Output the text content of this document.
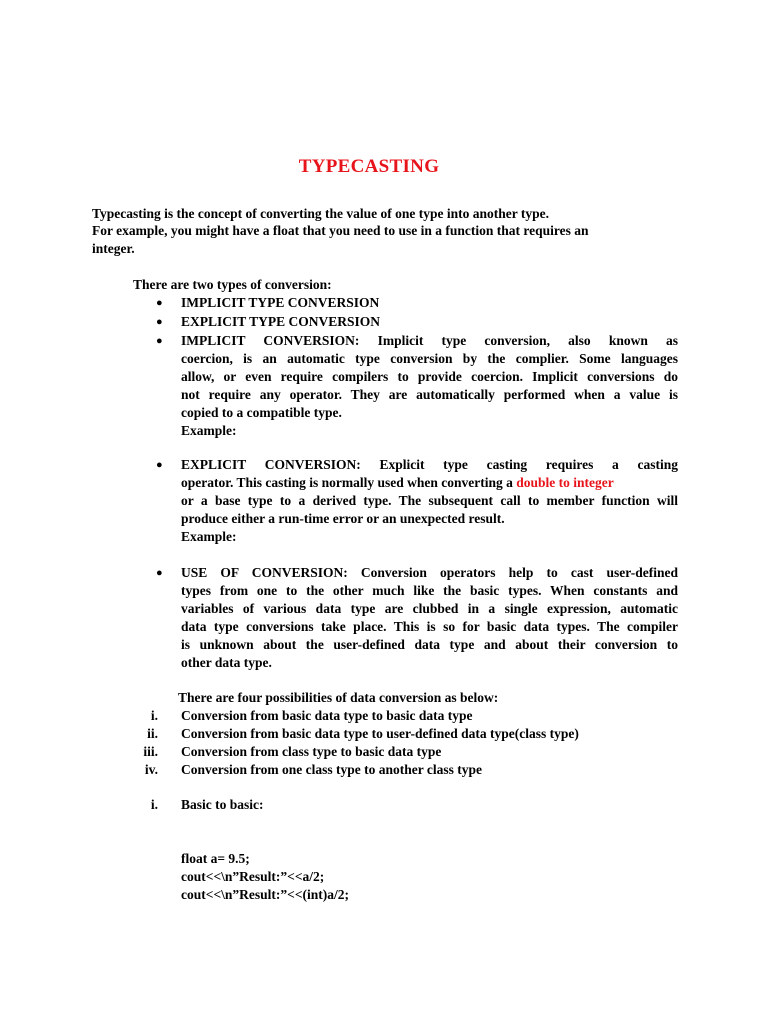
TYPECASTING
Typecasting is the concept of converting the value of one type into another type.
For example, you might have a float that you need to use in a function that requires an
integer.
There are two types of conversion:
● IMPLICIT TYPE CONVERSION
● EXPLICIT TYPE CONVERSION
● IMPLICIT CONVERSION: Implicit type conversion, also known as
coercion, is an automatic type conversion by the complier. Some languages
allow, or even require compilers to provide coercion. Implicit conversions do
not require any operator. They are automatically performed when a value is
copied to a compatible type.
Example:
● EXPLICIT CONVERSION: Explicit type casting requires a casting
operator. This casting is normally used when converting a double to integer
or a base type to a derived type. The subsequent call to member function will
produce either a run-time error or an unexpected result.
Example:
● USE OF CONVERSION: Conversion operators help to cast user-defined
types from one to the other much like the basic types. When constants and
variables of various data type are clubbed in a single expression, automatic
data type conversions take place. This is so for basic data types. The compiler
is unknown about the user-defined data type and about their conversion to
other data type.
There are four possibilities of data conversion as below:
i. Conversion from basic data type to basic data type
ii. Conversion from basic data type to user-defined data type(class type)
iii. Conversion from class type to basic data type
iv. Conversion from one class type to another class type
i. Basic to basic:
float a= 9.5;
cout<<\n”Result:”<<a/2;
cout<<\n”Result:”<<(int)a/2;
